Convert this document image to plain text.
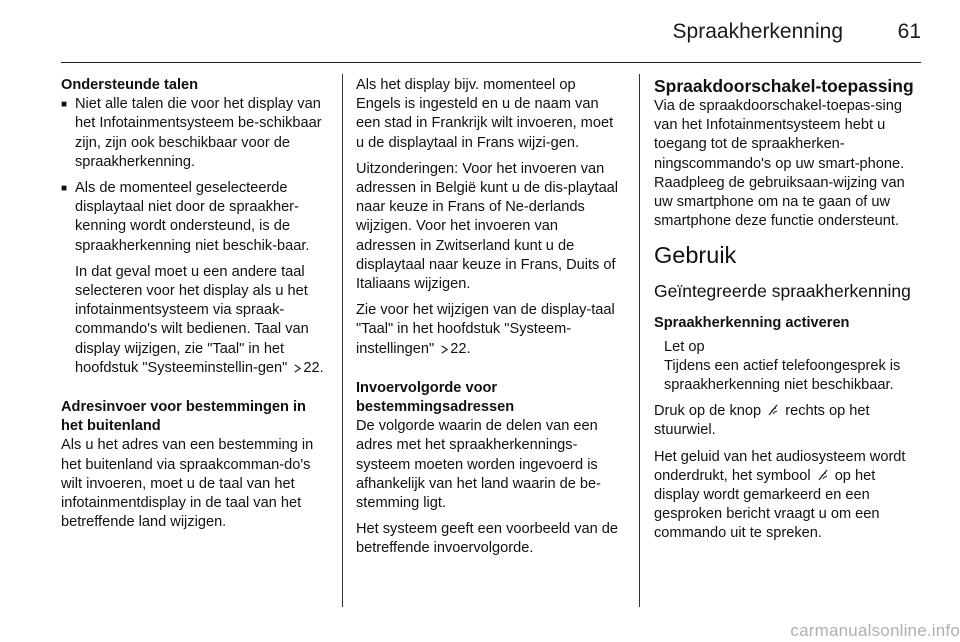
Spraakherkenning	61
Ondersteunde talen
■ Niet alle talen die voor het display van het Infotainmentsysteem be-schikbaar zijn, zijn ook beschikbaar voor de spraakherkenning.
■ Als de momenteel geselecteerde displaytaal niet door de spraakher-kenning wordt ondersteund, is de spraakherkenning niet beschik-baar.

In dat geval moet u een andere taal selecteren voor het display als u het infotainmentsysteem via spraak-commando's wilt bedienen. Taal van display wijzigen, zie "Taal" in het hoofdstuk "Systeeminstellin-gen" 22.

Adresinvoer voor bestemmingen in het buitenland

Als u het adres van een bestemming in het buitenland via spraakcomman-do's wilt invoeren, moet u de taal van het infotainmentdisplay in de taal van het betreffende land wijzigen.

Als het display bijv. momenteel op Engels is ingesteld en u de naam van een stad in Frankrijk wilt invoeren, moet u de displaytaal in Frans wijzi-gen.

Uitzonderingen: Voor het invoeren van adressen in België kunt u de dis-playtaal naar keuze in Frans of Ne-derlands wijzigen. Voor het invoeren van adressen in Zwitserland kunt u de displaytaal naar keuze in Frans, Duits of Italiaans wijzigen.

Zie voor het wijzigen van de display-taal "Taal" in het hoofdstuk "Systeem-instellingen" 22.

Invoervolgorde voor bestemmingsadressen

De volgorde waarin de delen van een adres met het spraakherkennings-systeem moeten worden ingevoerd is afhankelijk van het land waarin de be-stemming ligt.

Het systeem geeft een voorbeeld van de betreffende invoervolgorde.

Spraakdoorschakel-toepassing

Via de spraakdoorschakel-toepas-sing van het Infotainmentsysteem hebt u toegang tot de spraakherken-ningscommando's op uw smart-phone. Raadpleeg de gebruiksaan-wijzing van uw smartphone om na te gaan of uw smartphone deze functie ondersteunt.

Gebruik
Geïntegreerde spraakherkenning
Spraakherkenning activeren
Let op
Tijdens een actief telefoongesprek is spraakherkenning niet beschikbaar.

Druk op de knop rechts op het stuurwiel.

Het geluid van het audiosysteem wordt onderdrukt, het symbool op het display wordt gemarkeerd en een gesproken bericht vraagt u om een commando uit te spreken.

carmanualsonline.info
